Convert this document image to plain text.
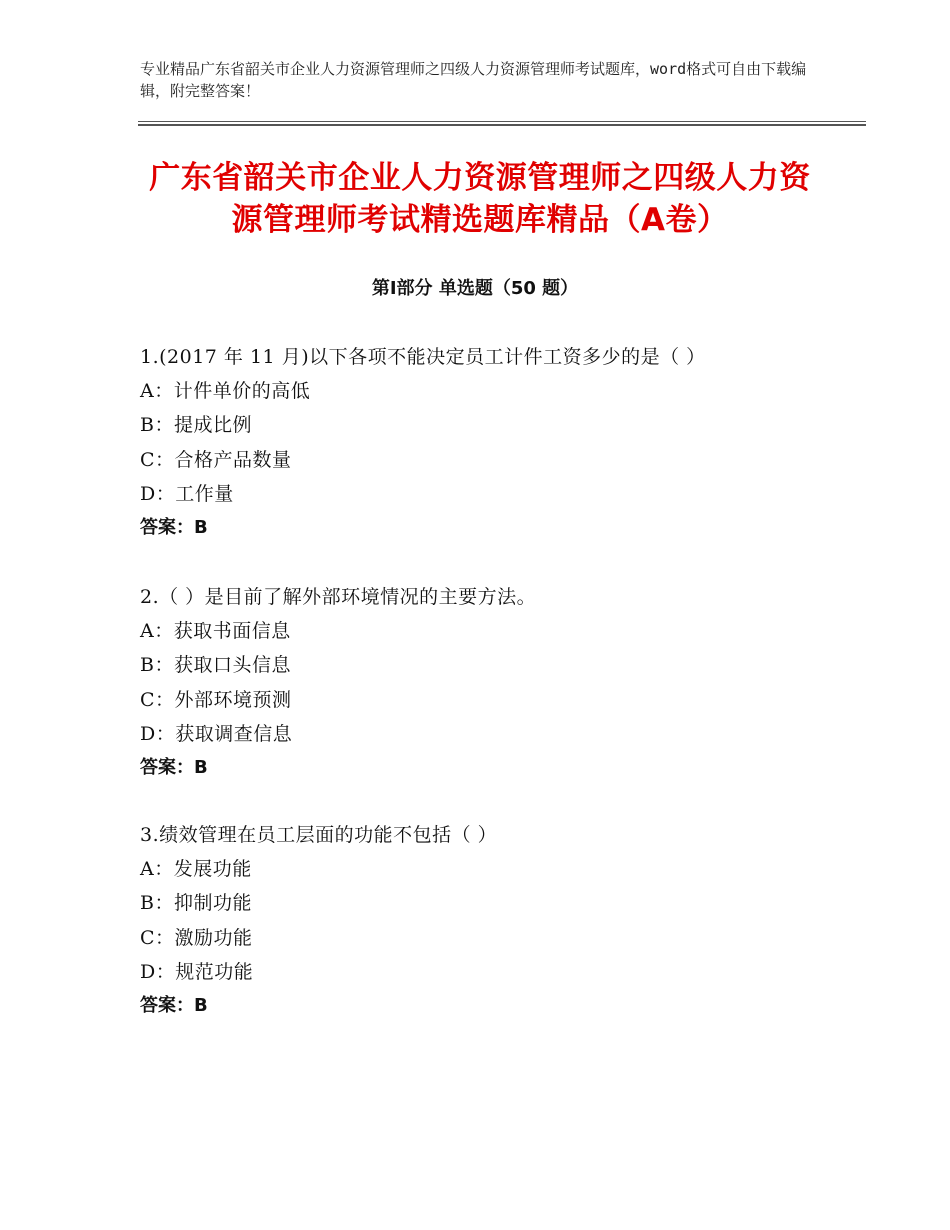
专业精品广东省韶关市企业人力资源管理师之四级人力资源管理师考试题库，word格式可自由下载编辑，附完整答案！
广东省韶关市企业人力资源管理师之四级人力资源管理师考试精选题库精品（A卷）
第Ⅰ部分 单选题（50 题）
1.(2017 年 11 月)以下各项不能决定员工计件工资多少的是（ ）
A：计件单价的高低
B：提成比例
C：合格产品数量
D：工作量
答案：B
2.（ ）是目前了解外部环境情况的主要方法。
A：获取书面信息
B：获取口头信息
C：外部环境预测
D：获取调查信息
答案：B
3.绩效管理在员工层面的功能不包括（ ）
A：发展功能
B：抑制功能
C：激励功能
D：规范功能
答案：B
